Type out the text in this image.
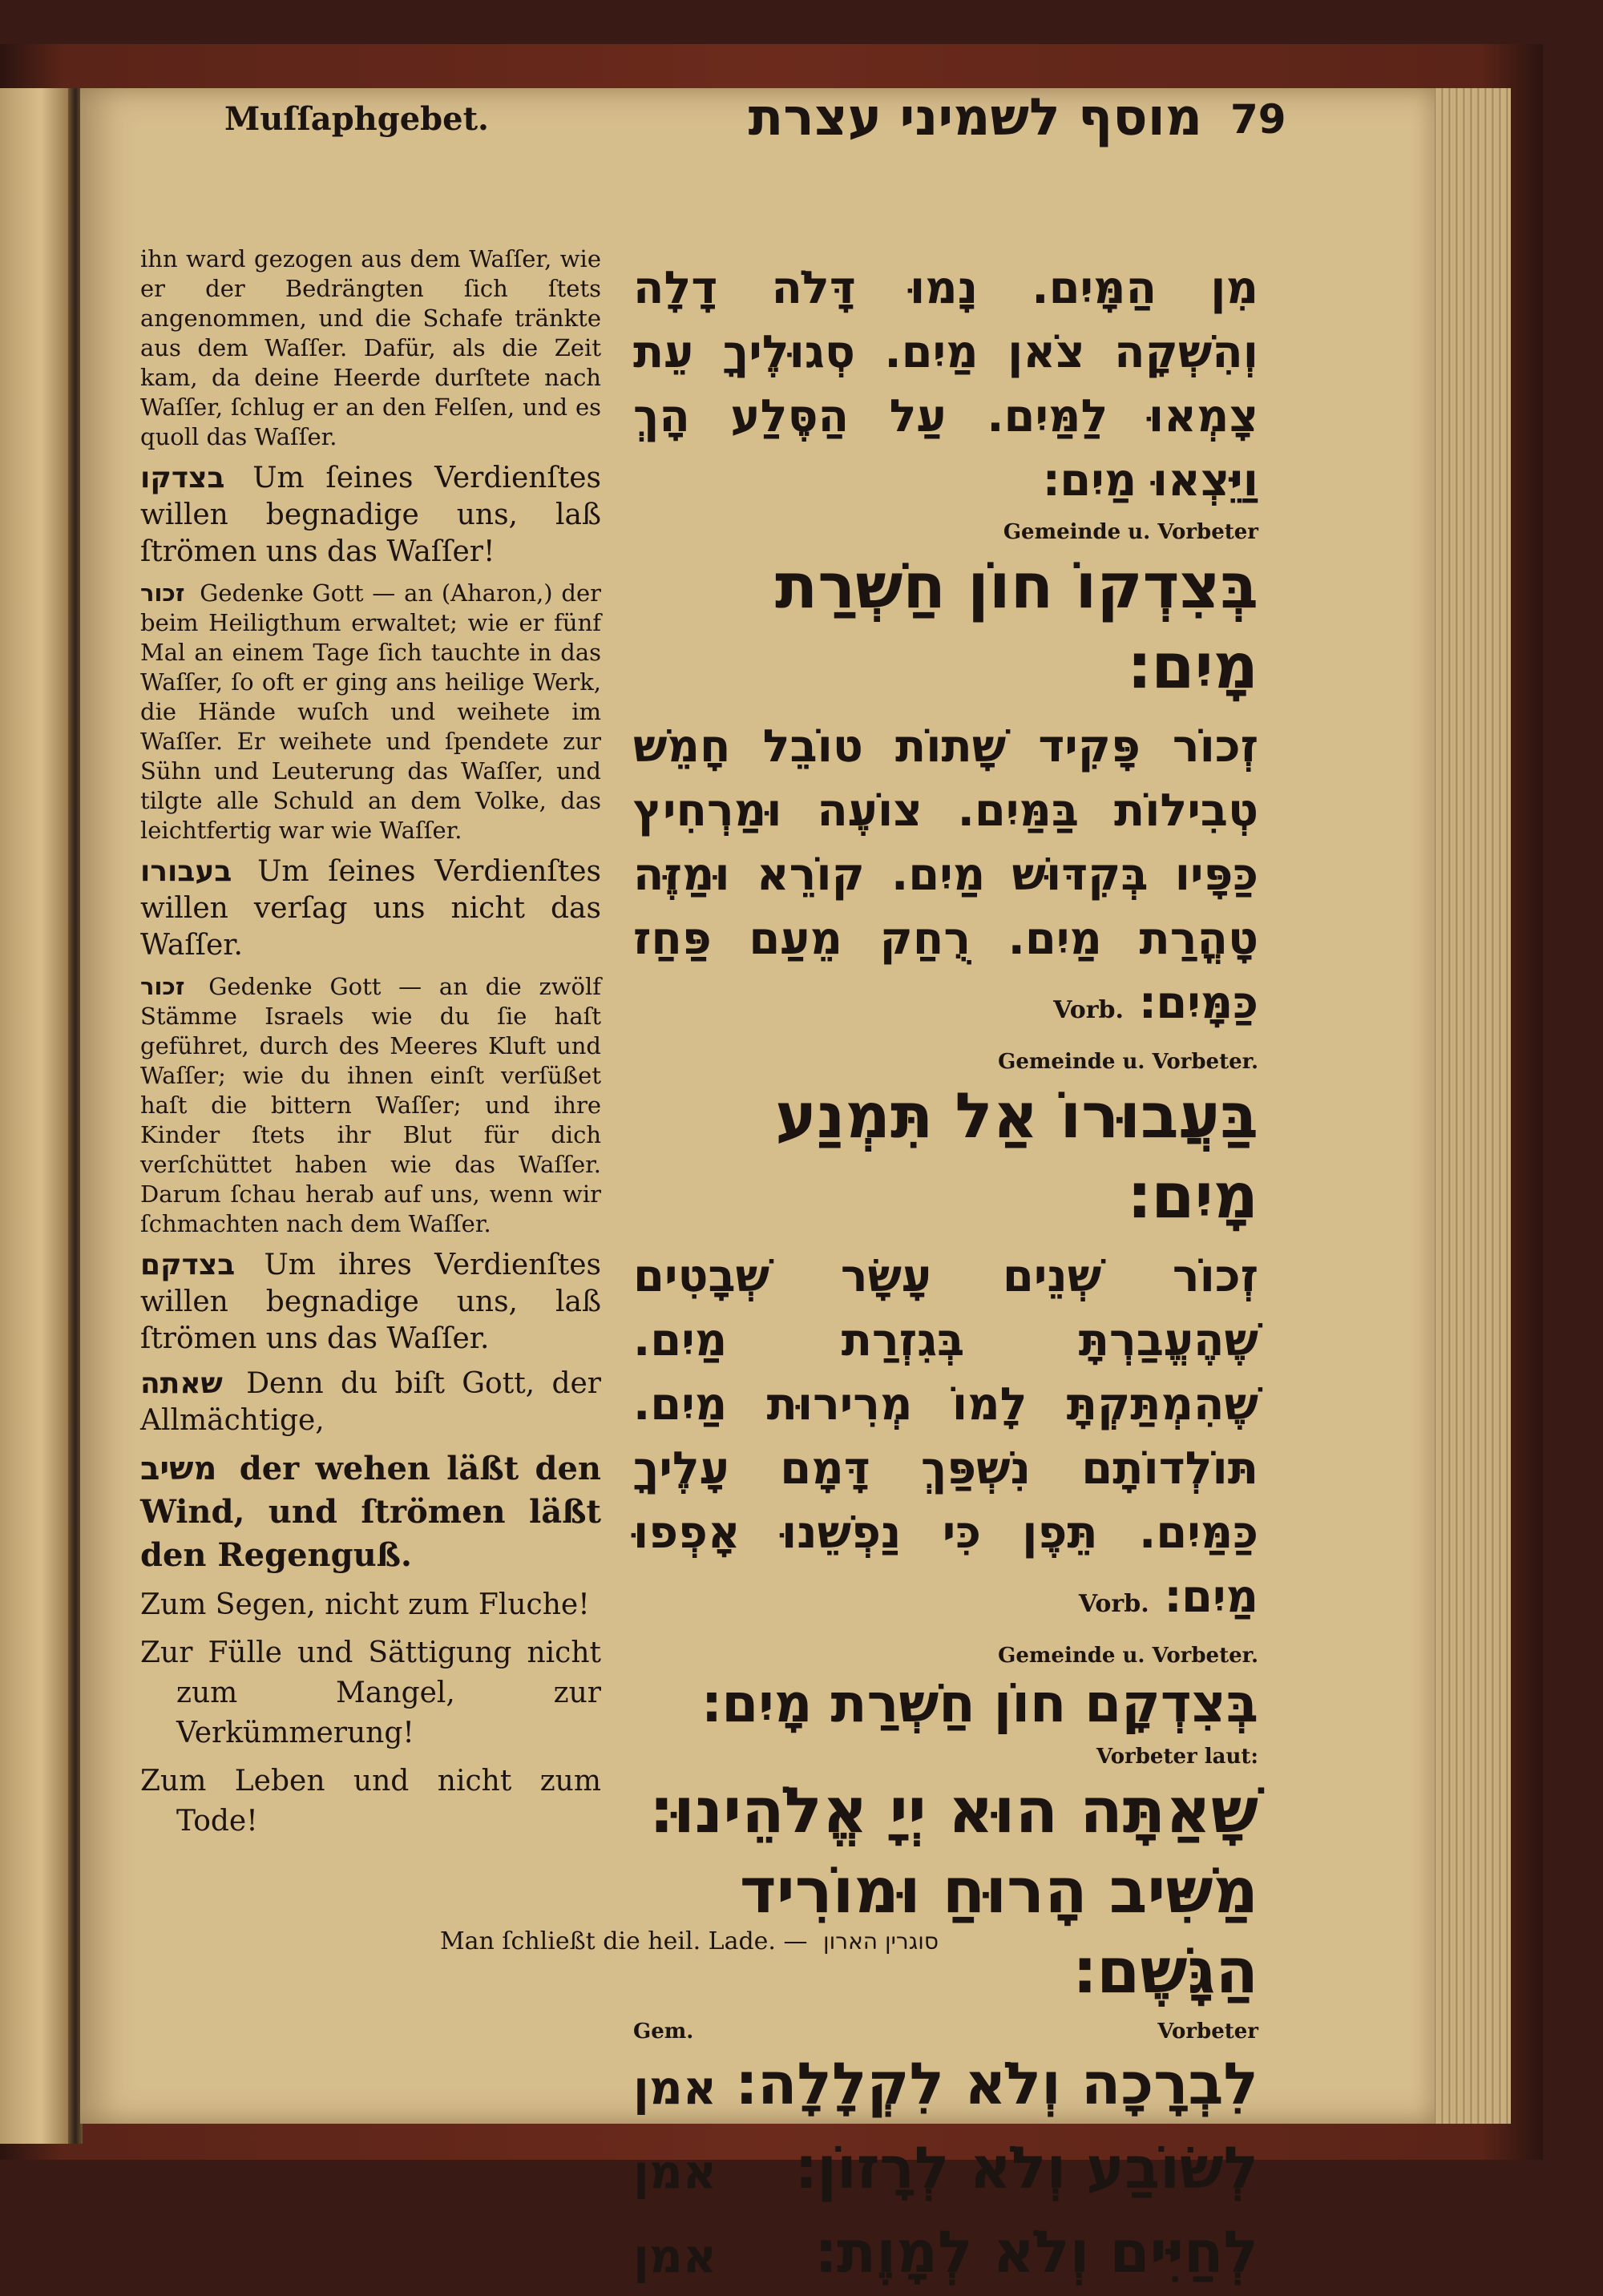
Muſſaphgebet.	מוסף לשמיני עצרת 79
ihn ward gezogen aus dem Waſſer, wie er der Bedrängten ſich ſtets angenommen, und die Schafe tränkte aus dem Waſſer. Dafür, als die Zeit kam, da deine Heerde durſtete nach Waſſer, ſchlug er an den Felſen, und es quoll das Waſſer.
בצדקו Um ſeines Verdienſtes willen begnadige uns, laß ſtrömen uns das Waſſer!
זכור Gedenke Gott — an (Aharon,) der beim Heiligthum erwaltet; wie er fünf Mal an einem Tage ſich tauchte in das Waſſer, ſo oft er ging ans heilige Werk, die Hände wuſch und weihete im Waſſer. Er weihete und ſpendete zur Sühn und Leuterung das Waſſer, und tilgte alle Schuld an dem Volke, das leichtfertig war wie Waſſer.
בעבורו Um ſeines Verdienſtes willen verſag uns nicht das Waſſer.
זכור Gedenke Gott — an die zwölf Stämme Israels wie du ſie haſt geführet, durch des Meeres Kluft und Waſſer; wie du ihnen einſt verſüßet haſt die bittern Waſſer; und ihre Kinder ſtets ihr Blut für dich verſchüttet haben wie das Waſſer. Darum ſchau herab auf uns, wenn wir ſchmachten nach dem Waſſer.
בצדקם Um ihres Verdienſtes willen begnadige uns, laß ſtrömen uns das Waſſer.
שאתה Denn du biſt Gott, der Allmächtige,
משיב der wehen läßt den Wind, und ſtrömen läßt den Regenguß.
Zum Segen, nicht zum Fluche!
Zur Fülle und Sättigung nicht zum Mangel, zur Verkümmerung!
Zum Leben und nicht zum Tode!

מִן הַמָּיִם. נָמוּ דָּלֹה דָלָה וְהִשְׁקָה צֹאן מַיִם. סְגוּלֶיךָ עֵת צָמְאוּ לַמַּיִם. עַל הַסֶּלַע הָךְ וַיֵּצְאוּ מַיִם׃

Gemeinde u. Vorbeter

בְּצִדְקוֹ חוֹן חַשְׁרַת מָיִם׃

זְכוֹר פָּקִיד שָׁתוֹת טוֹבֵל חָמֵשׁ טְבִילוֹת בַּמַּיִם. צוֹעֶה וּמַרְחִיץ כַּפָּיו בְּקִדּוּשׁ מַיִם. קוֹרֵא וּמַזֶּה טָהֳרַת מַיִם. רֻחַק מֵעַם פַּחַז כַּמָּיִם׃ Vorb.

Gemeinde u. Vorbeter.

בַּעֲבוּרוֹ אַל תִּמְנַע מָיִם׃

זְכוֹר שְׁנֵים עָשָׂר שְׁבָטִים שֶׁהֶעֱבַרְתָּ בְּגִזְרַת מַיִם. שֶׁהִמְתַּקְתָּ לָמוֹ מְרִירוּת מַיִם. תּוֹלְדוֹתָם נִשְׁפַּךְ דָּמָם עָלֶיךָ כַּמַּיִם. תֵּפֶן כִּי נַפְשֵׁנוּ אָפְפוּ מַיִם׃ Vorb.

Gemeinde u. Vorbeter.

בְּצִדְקָם חוֹן חַשְׁרַת מָיִם׃

Vorbeter laut:

שָׁאַתָּה הוּא יְיָ אֱלֹהֵינוּ׃

מַשִּׁיב הָרוּחַ וּמוֹרִיד הַגָּשֶׁם׃

Gem.	Vorbeter
לִבְרָכָה וְלֹא לִקְלָלָה׃
אמן
לְשׂוֹבַע וְלֹא לְרָזוֹן׃
אמן
לְחַיִּים וְלֹא לְמָוֶת׃
אמן
Man ſchließt die heil. Lade. — סוגרין הארון
